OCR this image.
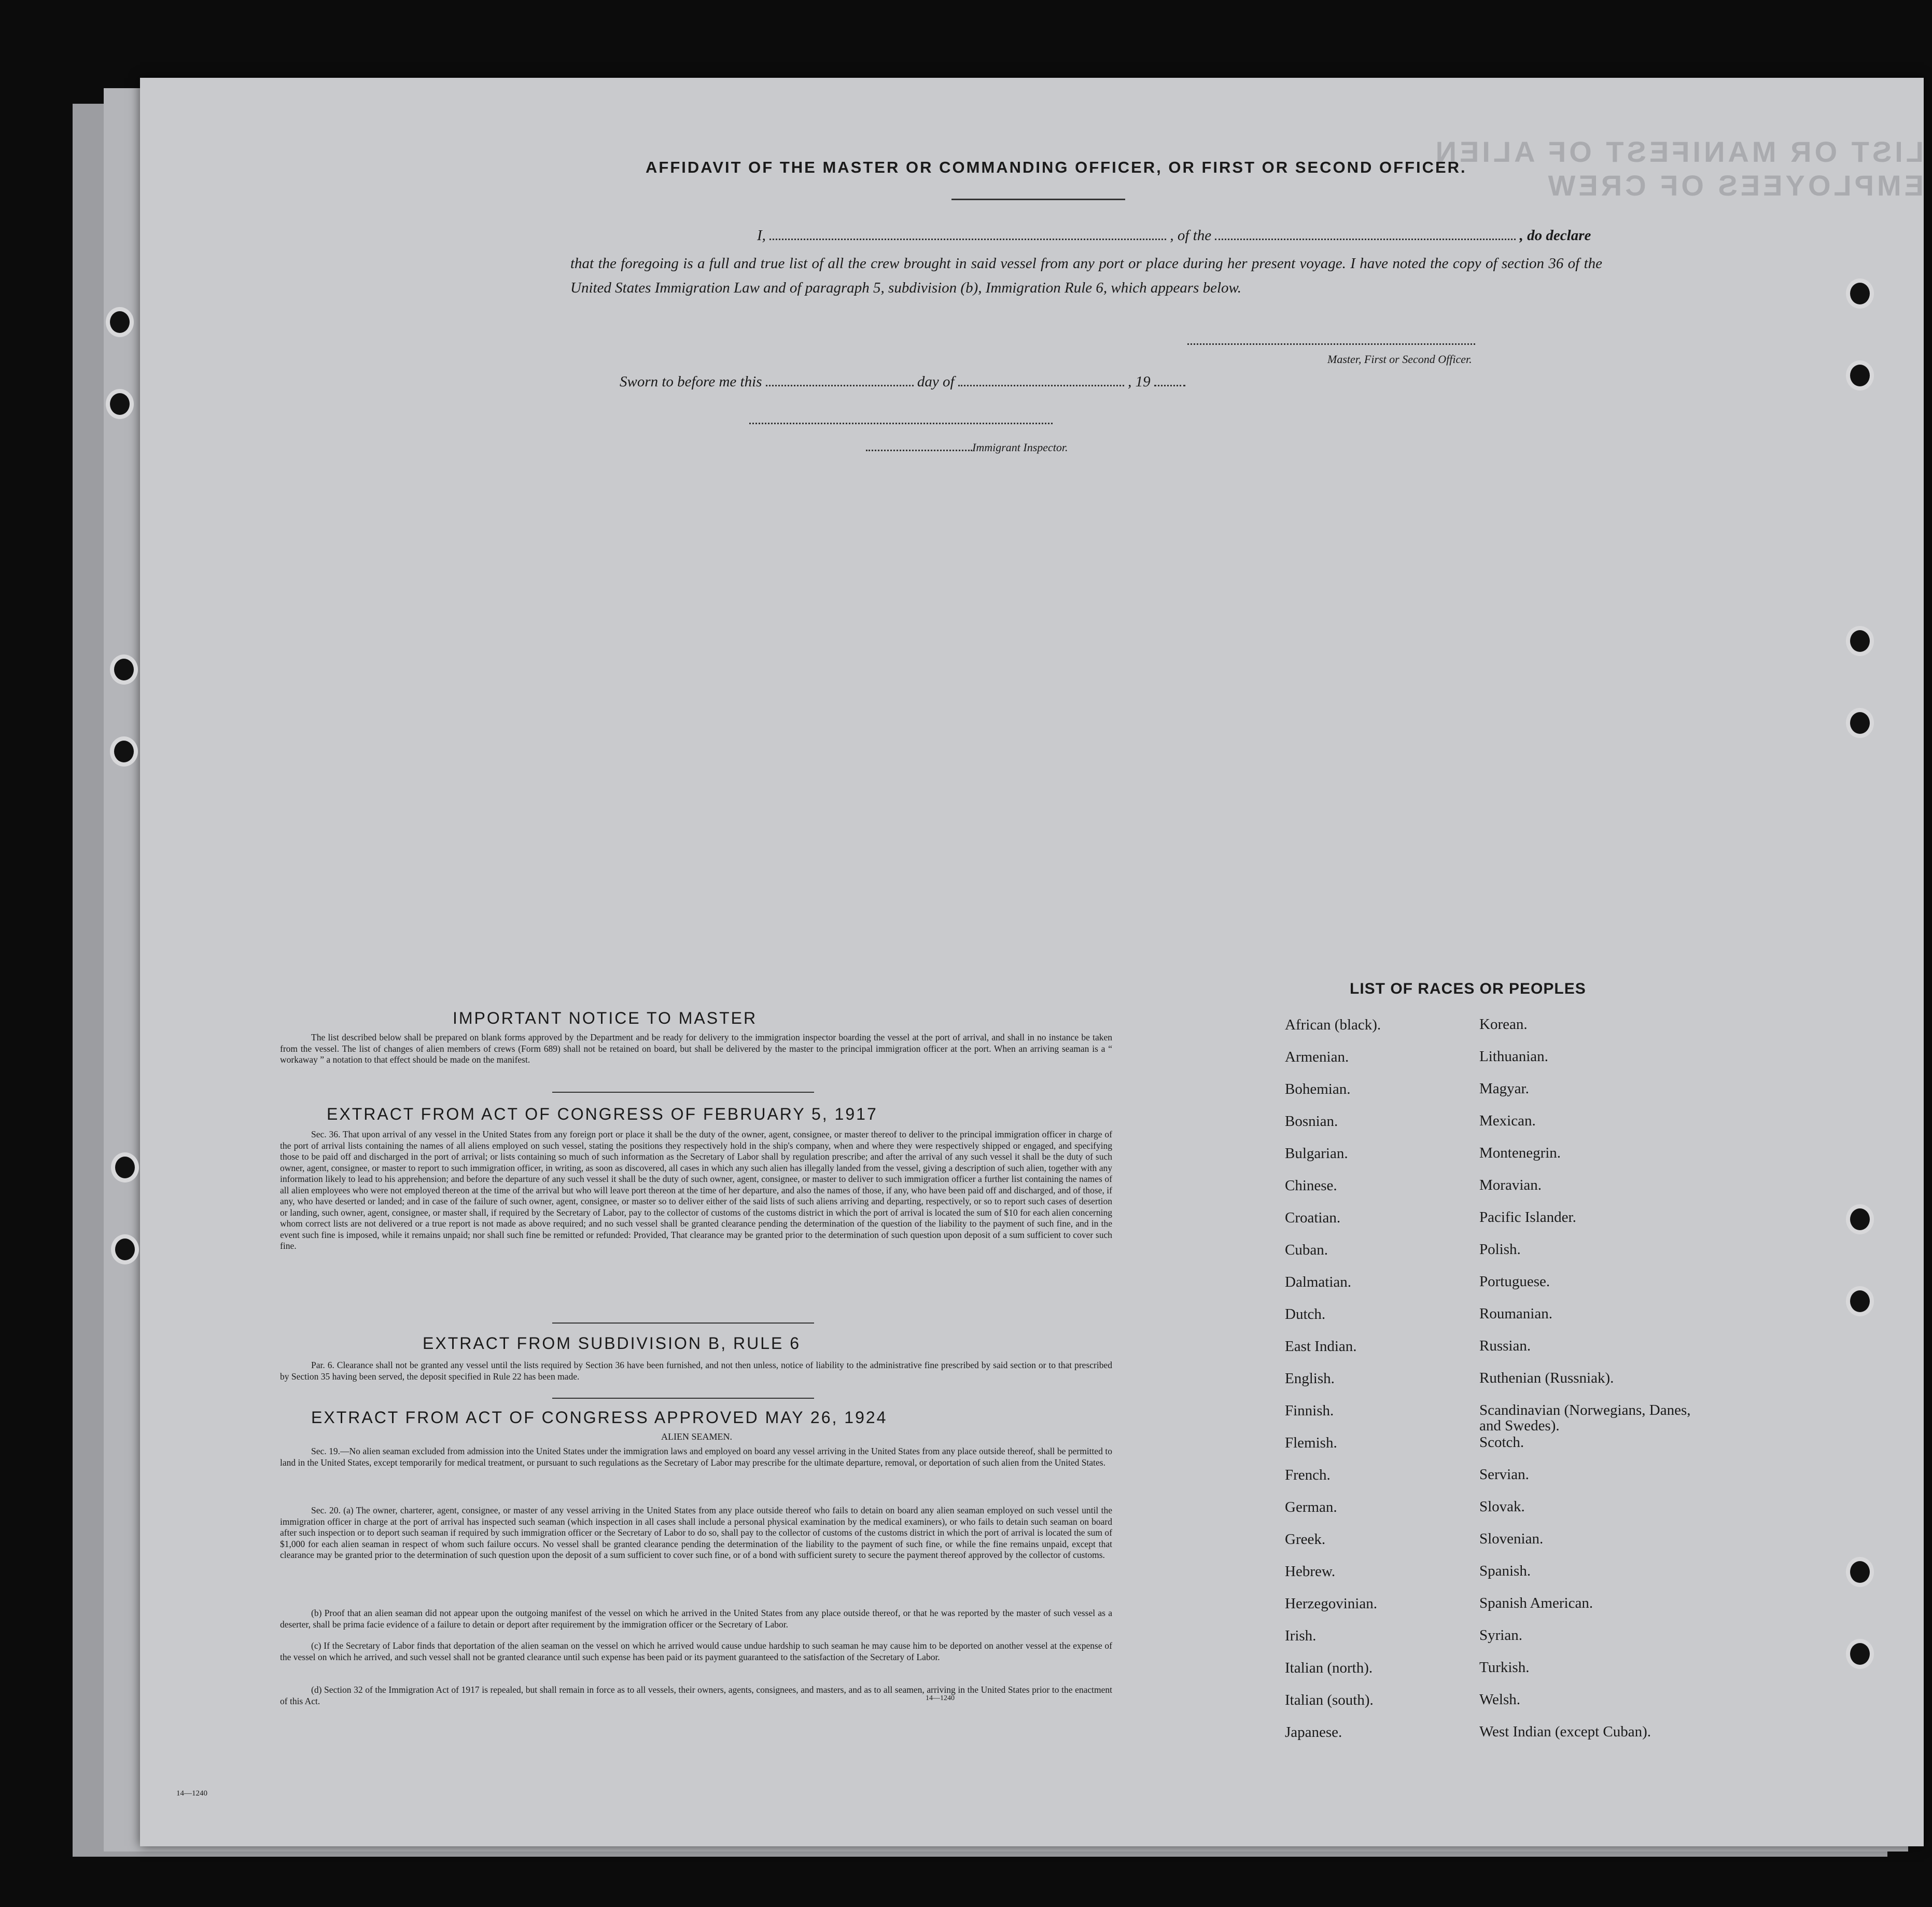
LIST OR MANIFEST OF ALIEN EMPLOYEES OF CREW
AFFIDAVIT OF THE MASTER OR COMMANDING OFFICER, OR FIRST OR SECOND OFFICER.
I,	, of the	, do declare
that the foregoing is a full and true list of all the crew brought in said vessel from any port or place during her present voyage. I have noted the copy of section 36 of the United States Immigration Law and of paragraph 5, subdivision (b), Immigration Rule 6, which appears below.
Master, First or Second Officer.
Sworn to before me this	day of	, 19
Immigrant Inspector.
IMPORTANT NOTICE TO MASTER
The list described below shall be prepared on blank forms approved by the Department and be ready for delivery to the immigration inspector boarding the vessel at the port of arrival, and shall in no instance be taken from the vessel. The list of changes of alien members of crews (Form 689) shall not be retained on board, but shall be delivered by the master to the principal immigration officer at the port. When an arriving seaman is a “ workaway ” a notation to that effect should be made on the manifest.
EXTRACT FROM ACT OF CONGRESS OF FEBRUARY 5, 1917
Sec. 36. That upon arrival of any vessel in the United States from any foreign port or place it shall be the duty of the owner, agent, consignee, or master thereof to deliver to the principal immigration officer in charge of the port of arrival lists containing the names of all aliens employed on such vessel, stating the positions they respectively hold in the ship's company, when and where they were respectively shipped or engaged, and specifying those to be paid off and discharged in the port of arrival; or lists containing so much of such information as the Secretary of Labor shall by regulation prescribe; and after the arrival of any such vessel it shall be the duty of such owner, agent, consignee, or master to report to such immigration officer, in writing, as soon as discovered, all cases in which any such alien has illegally landed from the vessel, giving a description of such alien, together with any information likely to lead to his apprehension; and before the departure of any such vessel it shall be the duty of such owner, agent, consignee, or master to deliver to such immigration officer a further list containing the names of all alien employees who were not employed thereon at the time of the arrival but who will leave port thereon at the time of her departure, and also the names of those, if any, who have been paid off and discharged, and of those, if any, who have deserted or landed; and in case of the failure of such owner, agent, consignee, or master so to deliver either of the said lists of such aliens arriving and departing, respectively, or so to report such cases of desertion or landing, such owner, agent, consignee, or master shall, if required by the Secretary of Labor, pay to the collector of customs of the customs district in which the port of arrival is located the sum of $10 for each alien concerning whom correct lists are not delivered or a true report is not made as above required; and no such vessel shall be granted clearance pending the determination of the question of the liability to the payment of such fine, and in the event such fine is imposed, while it remains unpaid; nor shall such fine be remitted or refunded: Provided, That clearance may be granted prior to the determination of such question upon deposit of a sum sufficient to cover such fine.
EXTRACT FROM SUBDIVISION B, RULE 6
Par. 6. Clearance shall not be granted any vessel until the lists required by Section 36 have been furnished, and not then unless, notice of liability to the administrative fine prescribed by said section or to that prescribed by Section 35 having been served, the deposit specified in Rule 22 has been made.
EXTRACT FROM ACT OF CONGRESS APPROVED MAY 26, 1924
ALIEN SEAMEN.
Sec. 19.—No alien seaman excluded from admission into the United States under the immigration laws and employed on board any vessel arriving in the United States from any place outside thereof, shall be permitted to land in the United States, except temporarily for medical treatment, or pursuant to such regulations as the Secretary of Labor may prescribe for the ultimate departure, removal, or deportation of such alien from the United States.
Sec. 20. (a) The owner, charterer, agent, consignee, or master of any vessel arriving in the United States from any place outside thereof who fails to detain on board any alien seaman employed on such vessel until the immigration officer in charge at the port of arrival has inspected such seaman (which inspection in all cases shall include a personal physical examination by the medical examiners), or who fails to detain such seaman on board after such inspection or to deport such seaman if required by such immigration officer or the Secretary of Labor to do so, shall pay to the collector of customs of the customs district in which the port of arrival is located the sum of $1,000 for each alien seaman in respect of whom such failure occurs. No vessel shall be granted clearance pending the determination of the liability to the payment of such fine, or while the fine remains unpaid, except that clearance may be granted prior to the determination of such question upon the deposit of a sum sufficient to cover such fine, or of a bond with sufficient surety to secure the payment thereof approved by the collector of customs.
(b) Proof that an alien seaman did not appear upon the outgoing manifest of the vessel on which he arrived in the United States from any place outside thereof, or that he was reported by the master of such vessel as a deserter, shall be prima facie evidence of a failure to detain or deport after requirement by the immigration officer or the Secretary of Labor.
(c) If the Secretary of Labor finds that deportation of the alien seaman on the vessel on which he arrived would cause undue hardship to such seaman he may cause him to be deported on another vessel at the expense of the vessel on which he arrived, and such vessel shall not be granted clearance until such expense has been paid or its payment guaranteed to the satisfaction of the Secretary of Labor.
(d) Section 32 of the Immigration Act of 1917 is repealed, but shall remain in force as to all vessels, their owners, agents, consignees, and masters, and as to all seamen, arriving in the United States prior to the enactment of this Act.	14—1240
LIST OF RACES OR PEOPLES
African (black).	Korean.
Armenian.	Lithuanian.
Bohemian.	Magyar.
Bosnian.	Mexican.
Bulgarian.	Montenegrin.
Chinese.	Moravian.
Croatian.	Pacific Islander.
Cuban.	Polish.
Dalmatian.	Portuguese.
Dutch.	Roumanian.
East Indian.	Russian.
English.	Ruthenian (Russniak).
Finnish.	Scandinavian (Norwegians, Danes, and Swedes).
Flemish.	Scotch.
French.	Servian.
German.	Slovak.
Greek.	Slovenian.
Hebrew.	Spanish.
Herzegovinian.	Spanish American.
Irish.	Syrian.
Italian (north).	Turkish.
Italian (south).	Welsh.
Japanese.	West Indian (except Cuban).
14—1240
